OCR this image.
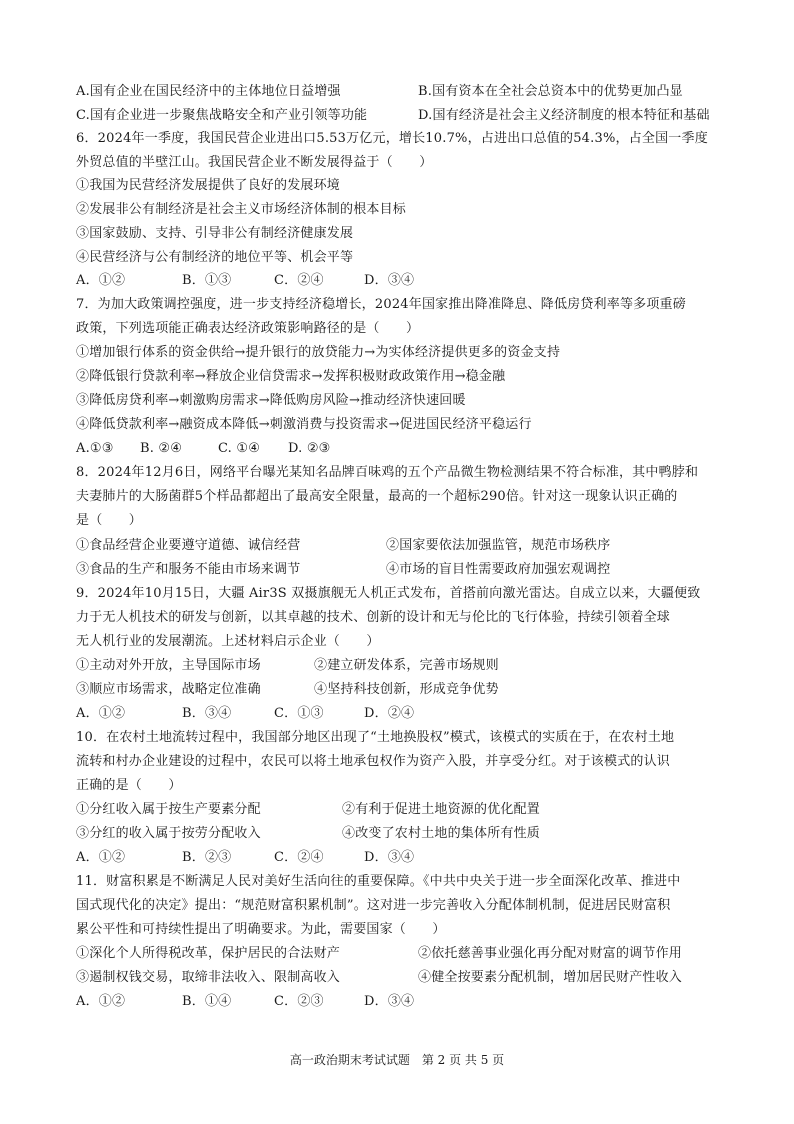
A.国有企业在国民经济中的主体地位日益增强	B.国有资本在全社会总资本中的优势更加凸显
C.国有企业进一步聚焦战略安全和产业引领等功能	D.国有经济是社会主义经济制度的根本特征和基础
6．2024年一季度，我国民营企业进出口5.53万亿元，增长10.7%，占进出口总值的54.3%，占全国一季度
外贸总值的半壁江山。我国民营企业不断发展得益于（　　）
①我国为民营经济发展提供了良好的发展环境
②发展非公有制经济是社会主义市场经济体制的根本目标
③国家鼓励、支持、引导非公有制经济健康发展
④民营经济与公有制经济的地位平等、机会平等
A．①②	B．①③	C．②④	D．③④
7．为加大政策调控强度，进一步支持经济稳增长，2024年国家推出降准降息、降低房贷利率等多项重磅
政策，下列选项能正确表达经济政策影响路径的是（　　）
①增加银行体系的资金供给→提升银行的放贷能力→为实体经济提供更多的资金支持
②降低银行贷款利率→释放企业信贷需求→发挥积极财政政策作用→稳金融
③降低房贷利率→刺激购房需求→降低购房风险→推动经济快速回暖
④降低贷款利率→融资成本降低→刺激消费与投资需求→促进国民经济平稳运行
A.①③ B. ②④	C. ①④ D. ②③
8．2024年12月6日，网络平台曝光某知名品牌百味鸡的五个产品微生物检测结果不符合标准，其中鸭脖和
夫妻肺片的大肠菌群5个样品都超出了最高安全限量，最高的一个超标290倍。针对这一现象认识正确的
是（　　）
①食品经营企业要遵守道德、诚信经营	②国家要依法加强监管，规范市场秩序
③食品的生产和服务不能由市场来调节	④市场的盲目性需要政府加强宏观调控
9．2024年10月15日，大疆 Air3S 双摄旗舰无人机正式发布，首搭前向激光雷达。自成立以来，大疆便致
力于无人机技术的研发与创新，以其卓越的技术、创新的设计和无与伦比的飞行体验，持续引领着全球
无人机行业的发展潮流。上述材料启示企业（　　）
①主动对外开放，主导国际市场	②建立研发体系，完善市场规则
③顺应市场需求，战略定位准确	④坚持科技创新，形成竞争优势
A．①②	B．③④	C．①③	D．②④
10．在农村土地流转过程中，我国部分地区出现了“土地换股权”模式，该模式的实质在于，在农村土地
流转和村办企业建设的过程中，农民可以将土地承包权作为资产入股，并享受分红。对于该模式的认识
正确的是（　　）
①分红收入属于按生产要素分配	②有利于促进土地资源的优化配置
③分红的收入属于按劳分配收入	④改变了农村土地的集体所有性质
A．①②	B．②③	C．②④	D．③④
11．财富积累是不断满足人民对美好生活向往的重要保障。《中共中央关于进一步全面深化改革、推进中
国式现代化的决定》提出：“规范财富积累机制”。这对进一步完善收入分配体制机制，促进居民财富积
累公平性和可持续性提出了明确要求。为此，需要国家（　　）
①深化个人所得税改革，保护居民的合法财产	②依托慈善事业强化再分配对财富的调节作用
③遏制权钱交易，取缔非法收入、限制高收入	④健全按要素分配机制，增加居民财产性收入
A．①②	B．①④	C．②③	D．③④
高一政治期末考试试题　第 2 页 共 5 页
